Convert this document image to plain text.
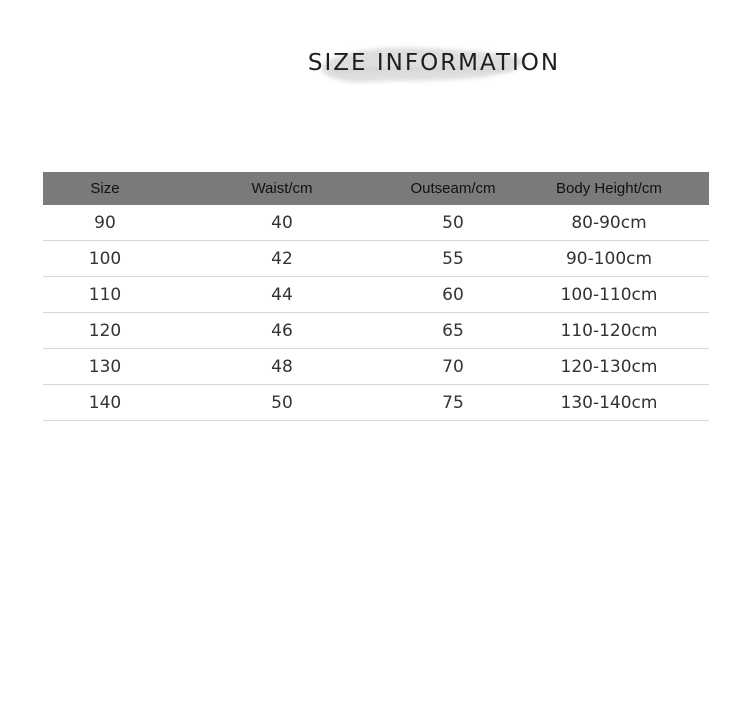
SIZE INFORMATION
Size	Waist/cm	Outseam/cm	Body Height/cm
90	40	50	80-90cm
100	42	55	90-100cm
110	44	60	100-110cm
120	46	65	110-120cm
130	48	70	120-130cm
140	50	75	130-140cm
